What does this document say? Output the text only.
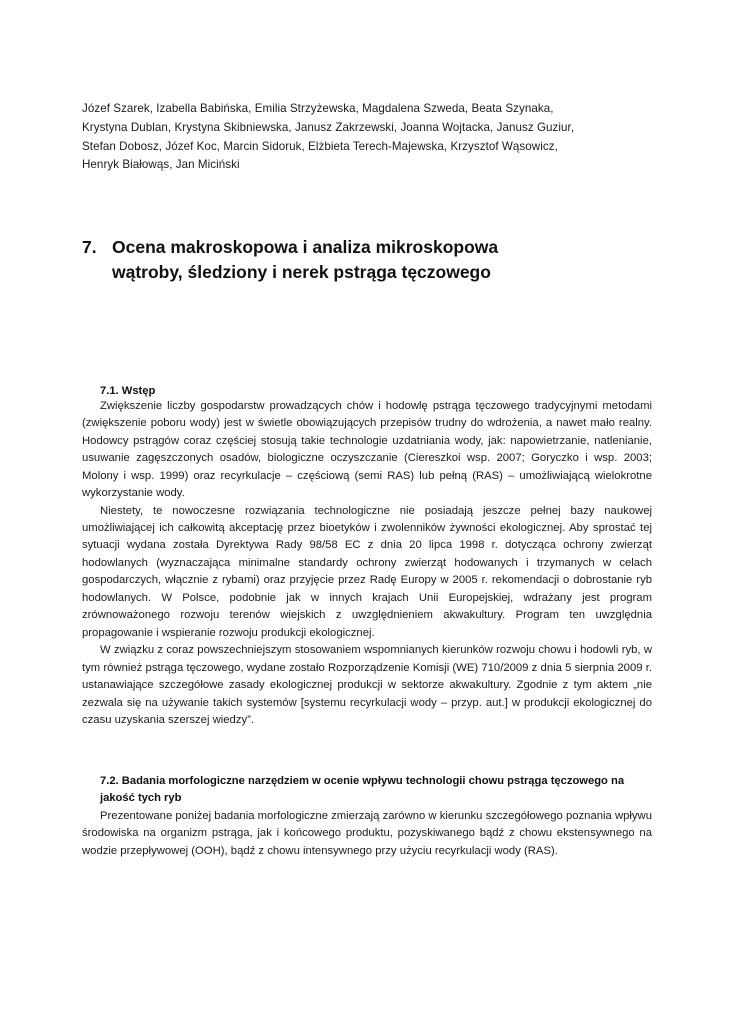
Józef Szarek, Izabella Babińska, Emilia Strzyżewska, Magdalena Szweda, Beata Szynaka,
Krystyna Dublan, Krystyna Skibniewska, Janusz Zakrzewski, Joanna Wojtacka, Janusz Guziur,
Stefan Dobosz, Józef Koc, Marcin Sidoruk, Elżbieta Terech-Majewska, Krzysztof Wąsowicz,
Henryk Białowąs, Jan Miciński
7. Ocena makroskopowa i analiza mikroskopowa
wątroby, śledziony i nerek pstrąga tęczowego
7.1. Wstęp

Zwiększenie liczby gospodarstw prowadzących chów i hodowlę pstrąga tęczowego tradycyjnymi metodami (zwiększenie poboru wody) jest w świetle obowiązujących przepisów trudny do wdrożenia, a nawet mało realny. Hodowcy pstrągów coraz częściej stosują takie technologie uzdatniania wody, jak: napowietrzanie, natlenianie, usuwanie zagęszczonych osadów, biologiczne oczyszczanie (Ciereszkoi wsp. 2007; Goryczko i wsp. 2003; Molony i wsp. 1999) oraz recyrkulacje – częściową (semi RAS) lub pełną (RAS) – umożliwiającą wielokrotne wykorzystanie wody.

Niestety, te nowoczesne rozwiązania technologiczne nie posiadają jeszcze pełnej bazy naukowej umożliwiającej ich całkowitą akceptację przez bioetyków i zwolenników żywności ekologicznej. Aby sprostać tej sytuacji wydana została Dyrektywa Rady 98/58 EC z dnia 20 lipca 1998 r. dotycząca ochrony zwierząt hodowlanych (wyznaczająca minimalne standardy ochrony zwierząt hodowanych i trzymanych w celach gospodarczych, włącznie z rybami) oraz przyjęcie przez Radę Europy w 2005 r. rekomendacji o dobrostanie ryb hodowlanych. W Polsce, podobnie jak w innych krajach Unii Europejskiej, wdrażany jest program zrównoważonego rozwoju terenów wiejskich z uwzględnieniem akwakultury. Program ten uwzględnia propagowanie i wspieranie rozwoju produkcji ekologicznej.

W związku z coraz powszechniejszym stosowaniem wspomnianych kierunków rozwoju chowu i hodowli ryb, w tym również pstrąga tęczowego, wydane zostało Rozporządzenie Komisji (WE) 710/2009 z dnia 5 sierpnia 2009 r. ustanawiające szczegółowe zasady ekologicznej produkcji w sektorze akwakultury. Zgodnie z tym aktem „nie zezwala się na używanie takich systemów [systemu recyrkulacji wody – przyp. aut.] w produkcji ekologicznej do czasu uzyskania szerszej wiedzy”.

7.2. Badania morfologiczne narzędziem w ocenie wpływu technologii chowu pstrąga tęczowego na jakość tych ryb

Prezentowane poniżej badania morfologiczne zmierzają zarówno w kierunku szczegółowego poznania wpływu środowiska na organizm pstrąga, jak i końcowego produktu, pozyskiwanego bądź z chowu ekstensywnego na wodzie przepływowej (OOH), bądź z chowu intensywnego przy użyciu recyrkulacji wody (RAS).
